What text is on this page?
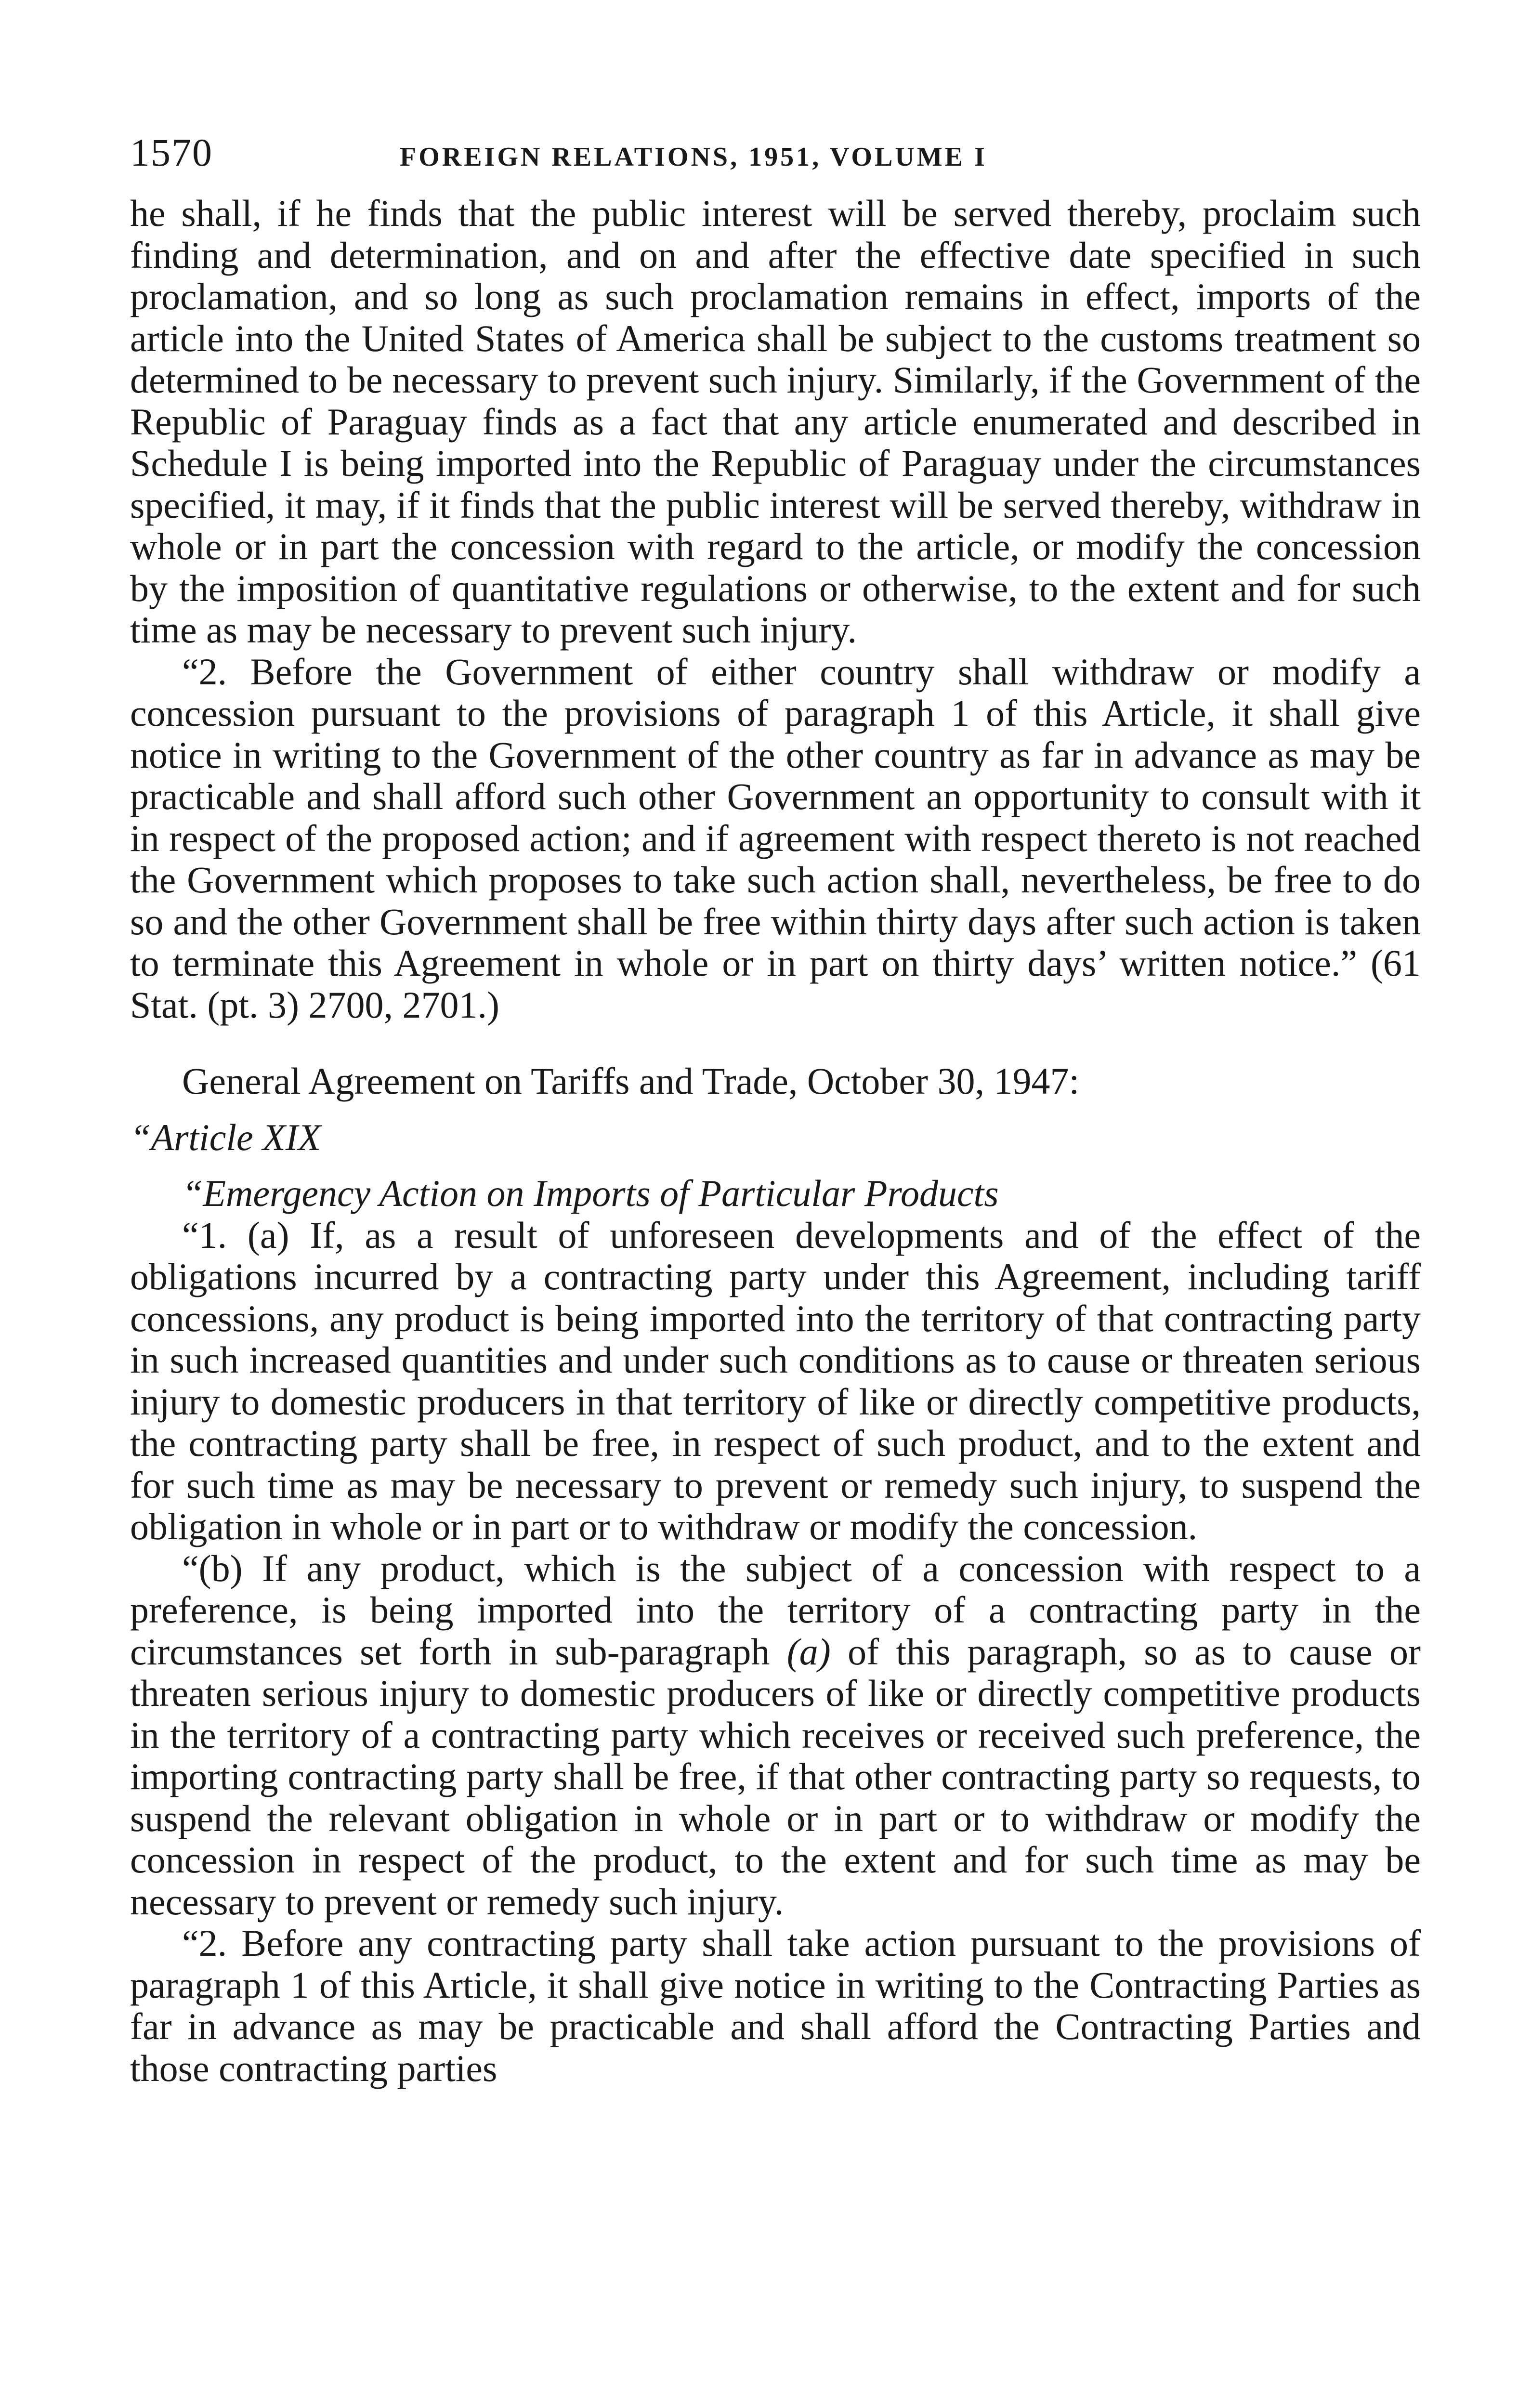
1570	FOREIGN RELATIONS, 1951, VOLUME I

he shall, if he finds that the public interest will be served thereby, proclaim such finding and determination, and on and after the effective date specified in such proclamation, and so long as such proclamation remains in effect, imports of the article into the United States of America shall be subject to the customs treatment so determined to be necessary to prevent such injury. Similarly, if the Government of the Republic of Paraguay finds as a fact that any article enumerated and described in Schedule I is being imported into the Republic of Paraguay under the circumstances specified, it may, if it finds that the public interest will be served thereby, withdraw in whole or in part the concession with regard to the article, or modify the concession by the imposition of quantitative regulations or otherwise, to the extent and for such time as may be necessary to prevent such injury.

“2. Before the Government of either country shall withdraw or modify a concession pursuant to the provisions of paragraph 1 of this Article, it shall give notice in writing to the Government of the other country as far in advance as may be practicable and shall afford such other Government an opportunity to consult with it in respect of the proposed action; and if agreement with respect thereto is not reached the Government which proposes to take such action shall, nevertheless, be free to do so and the other Government shall be free within thirty days after such action is taken to terminate this Agreement in whole or in part on thirty days’ written notice.” (61 Stat. (pt. 3) 2700, 2701.)

General Agreement on Tariffs and Trade, October 30, 1947:

“Article XIX

“Emergency Action on Imports of Particular Products

“1. (a) If, as a result of unforeseen developments and of the effect of the obligations incurred by a contracting party under this Agreement, including tariff concessions, any product is being imported into the territory of that contracting party in such increased quantities and under such conditions as to cause or threaten serious injury to domestic producers in that territory of like or directly competitive products, the contracting party shall be free, in respect of such product, and to the extent and for such time as may be necessary to prevent or remedy such injury, to suspend the obligation in whole or in part or to withdraw or modify the concession.

“(b) If any product, which is the subject of a concession with respect to a preference, is being imported into the territory of a contracting party in the circumstances set forth in sub-paragraph (a) of this paragraph, so as to cause or threaten serious injury to domestic producers of like or directly competitive products in the territory of a contracting party which receives or received such preference, the importing contracting party shall be free, if that other contracting party so requests, to suspend the relevant obligation in whole or in part or to withdraw or modify the concession in respect of the product, to the extent and for such time as may be necessary to prevent or remedy such injury.

“2. Before any contracting party shall take action pursuant to the provisions of paragraph 1 of this Article, it shall give notice in writing to the Contracting Parties as far in advance as may be practicable and shall afford the Contracting Parties and those contracting parties
